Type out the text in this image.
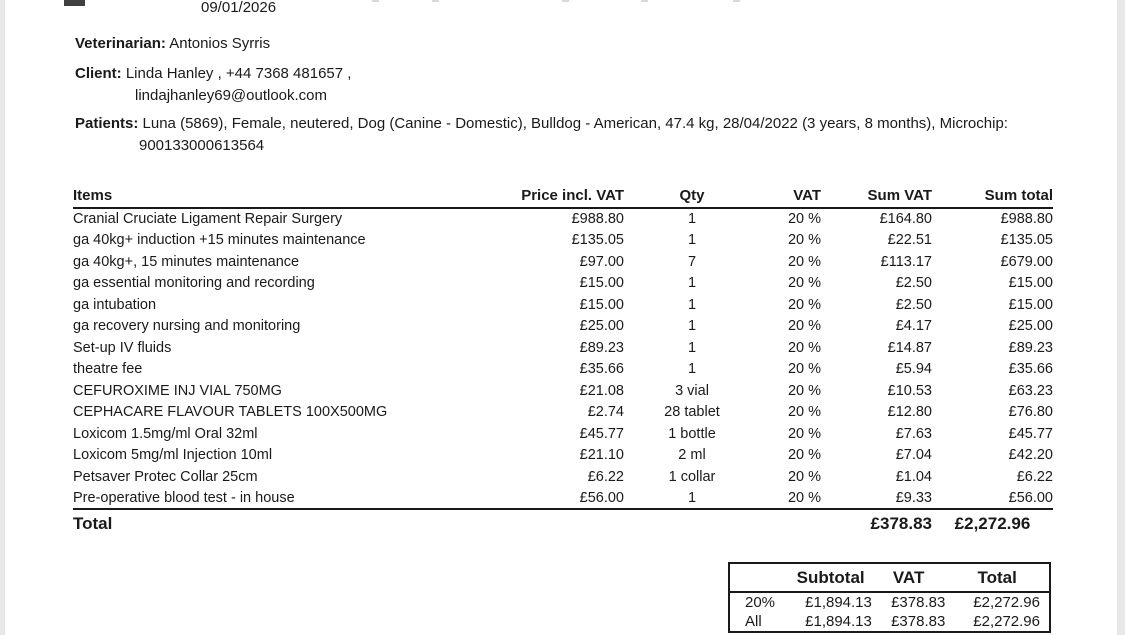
09/01/2026
Veterinarian: Antonios Syrris
Client: Linda Hanley , +44 7368 481657 ,
lindajhanley69@outlook.com
Patients: Luna (5869), Female, neutered, Dog (Canine - Domestic), Bulldog - American, 47.4 kg, 28/04/2022 (3 years, 8 months), Microchip: 900133000613564
Items	Price incl. VAT	Qty	VAT	Sum VAT	Sum total
Cranial Cruciate Ligament Repair Surgery	£988.80	1	20 %	£164.80	£988.80
ga 40kg+ induction +15 minutes maintenance	£135.05	1	20 %	£22.51	£135.05
ga 40kg+, 15 minutes maintenance	£97.00	7	20 %	£113.17	£679.00
ga essential monitoring and recording	£15.00	1	20 %	£2.50	£15.00
ga intubation	£15.00	1	20 %	£2.50	£15.00
ga recovery nursing and monitoring	£25.00	1	20 %	£4.17	£25.00
Set-up IV fluids	£89.23	1	20 %	£14.87	£89.23
theatre fee	£35.66	1	20 %	£5.94	£35.66
CEFUROXIME INJ VIAL 750MG	£21.08	3 vial	20 %	£10.53	£63.23
CEPHACARE FLAVOUR TABLETS 100X500MG	£2.74	28 tablet	20 %	£12.80	£76.80
Loxicom 1.5mg/ml Oral 32ml	£45.77	1 bottle	20 %	£7.63	£45.77
Loxicom 5mg/ml Injection 10ml	£21.10	2 ml	20 %	£7.04	£42.20
Petsaver Protec Collar 25cm	£6.22	1 collar	20 %	£1.04	£6.22
Pre-operative blood test - in house	£56.00	1	20 %	£9.33	£56.00
Total				£378.83	£2,272.96
	Subtotal	VAT	Total
20%	£1,894.13	£378.83	£2,272.96
All	£1,894.13	£378.83	£2,272.96
